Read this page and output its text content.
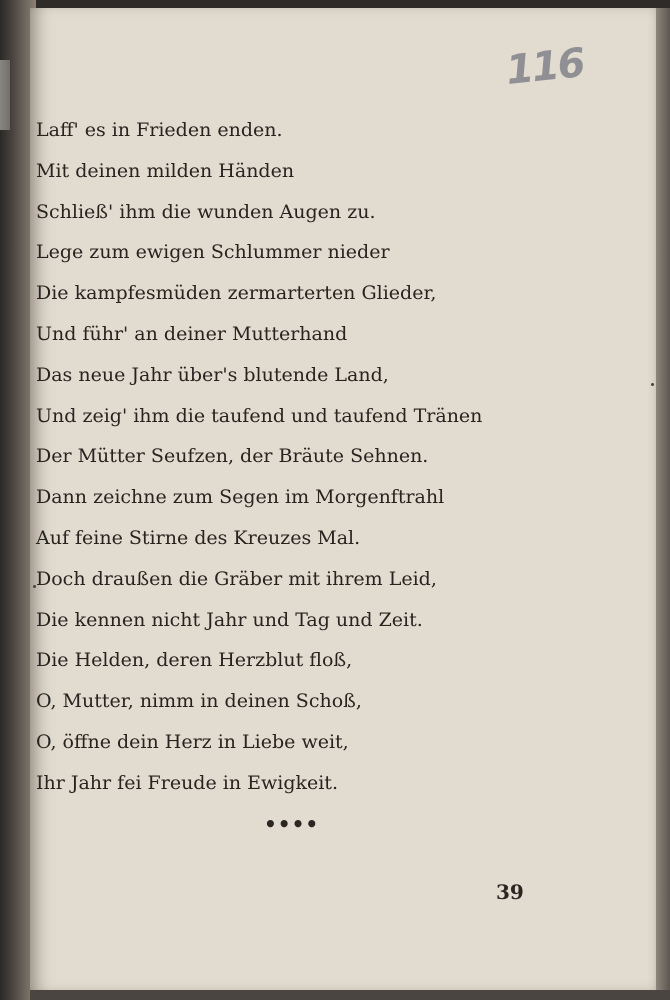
116
Laff' es in Frieden enden.
Mit deinen milden Händen
Schließ' ihm die wunden Augen zu.
Lege zum ewigen Schlummer nieder
Die kampfesmüden zermarterten Glieder,
Und führ' an deiner Mutterhand
Das neue Jahr über's blutende Land,
Und zeig' ihm die taufend und taufend Tränen
Der Mütter Seufzen, der Bräute Sehnen.
Dann zeichne zum Segen im Morgenftrahl
Auf feine Stirne des Kreuzes Mal.
Doch draußen die Gräber mit ihrem Leid,
Die kennen nicht Jahr und Tag und Zeit.
Die Helden, deren Herzblut floß,
O, Mutter, nimm in deinen Schoß,
O, öffne dein Herz in Liebe weit,
Ihr Jahr fei Freude in Ewigkeit.
••••
39
